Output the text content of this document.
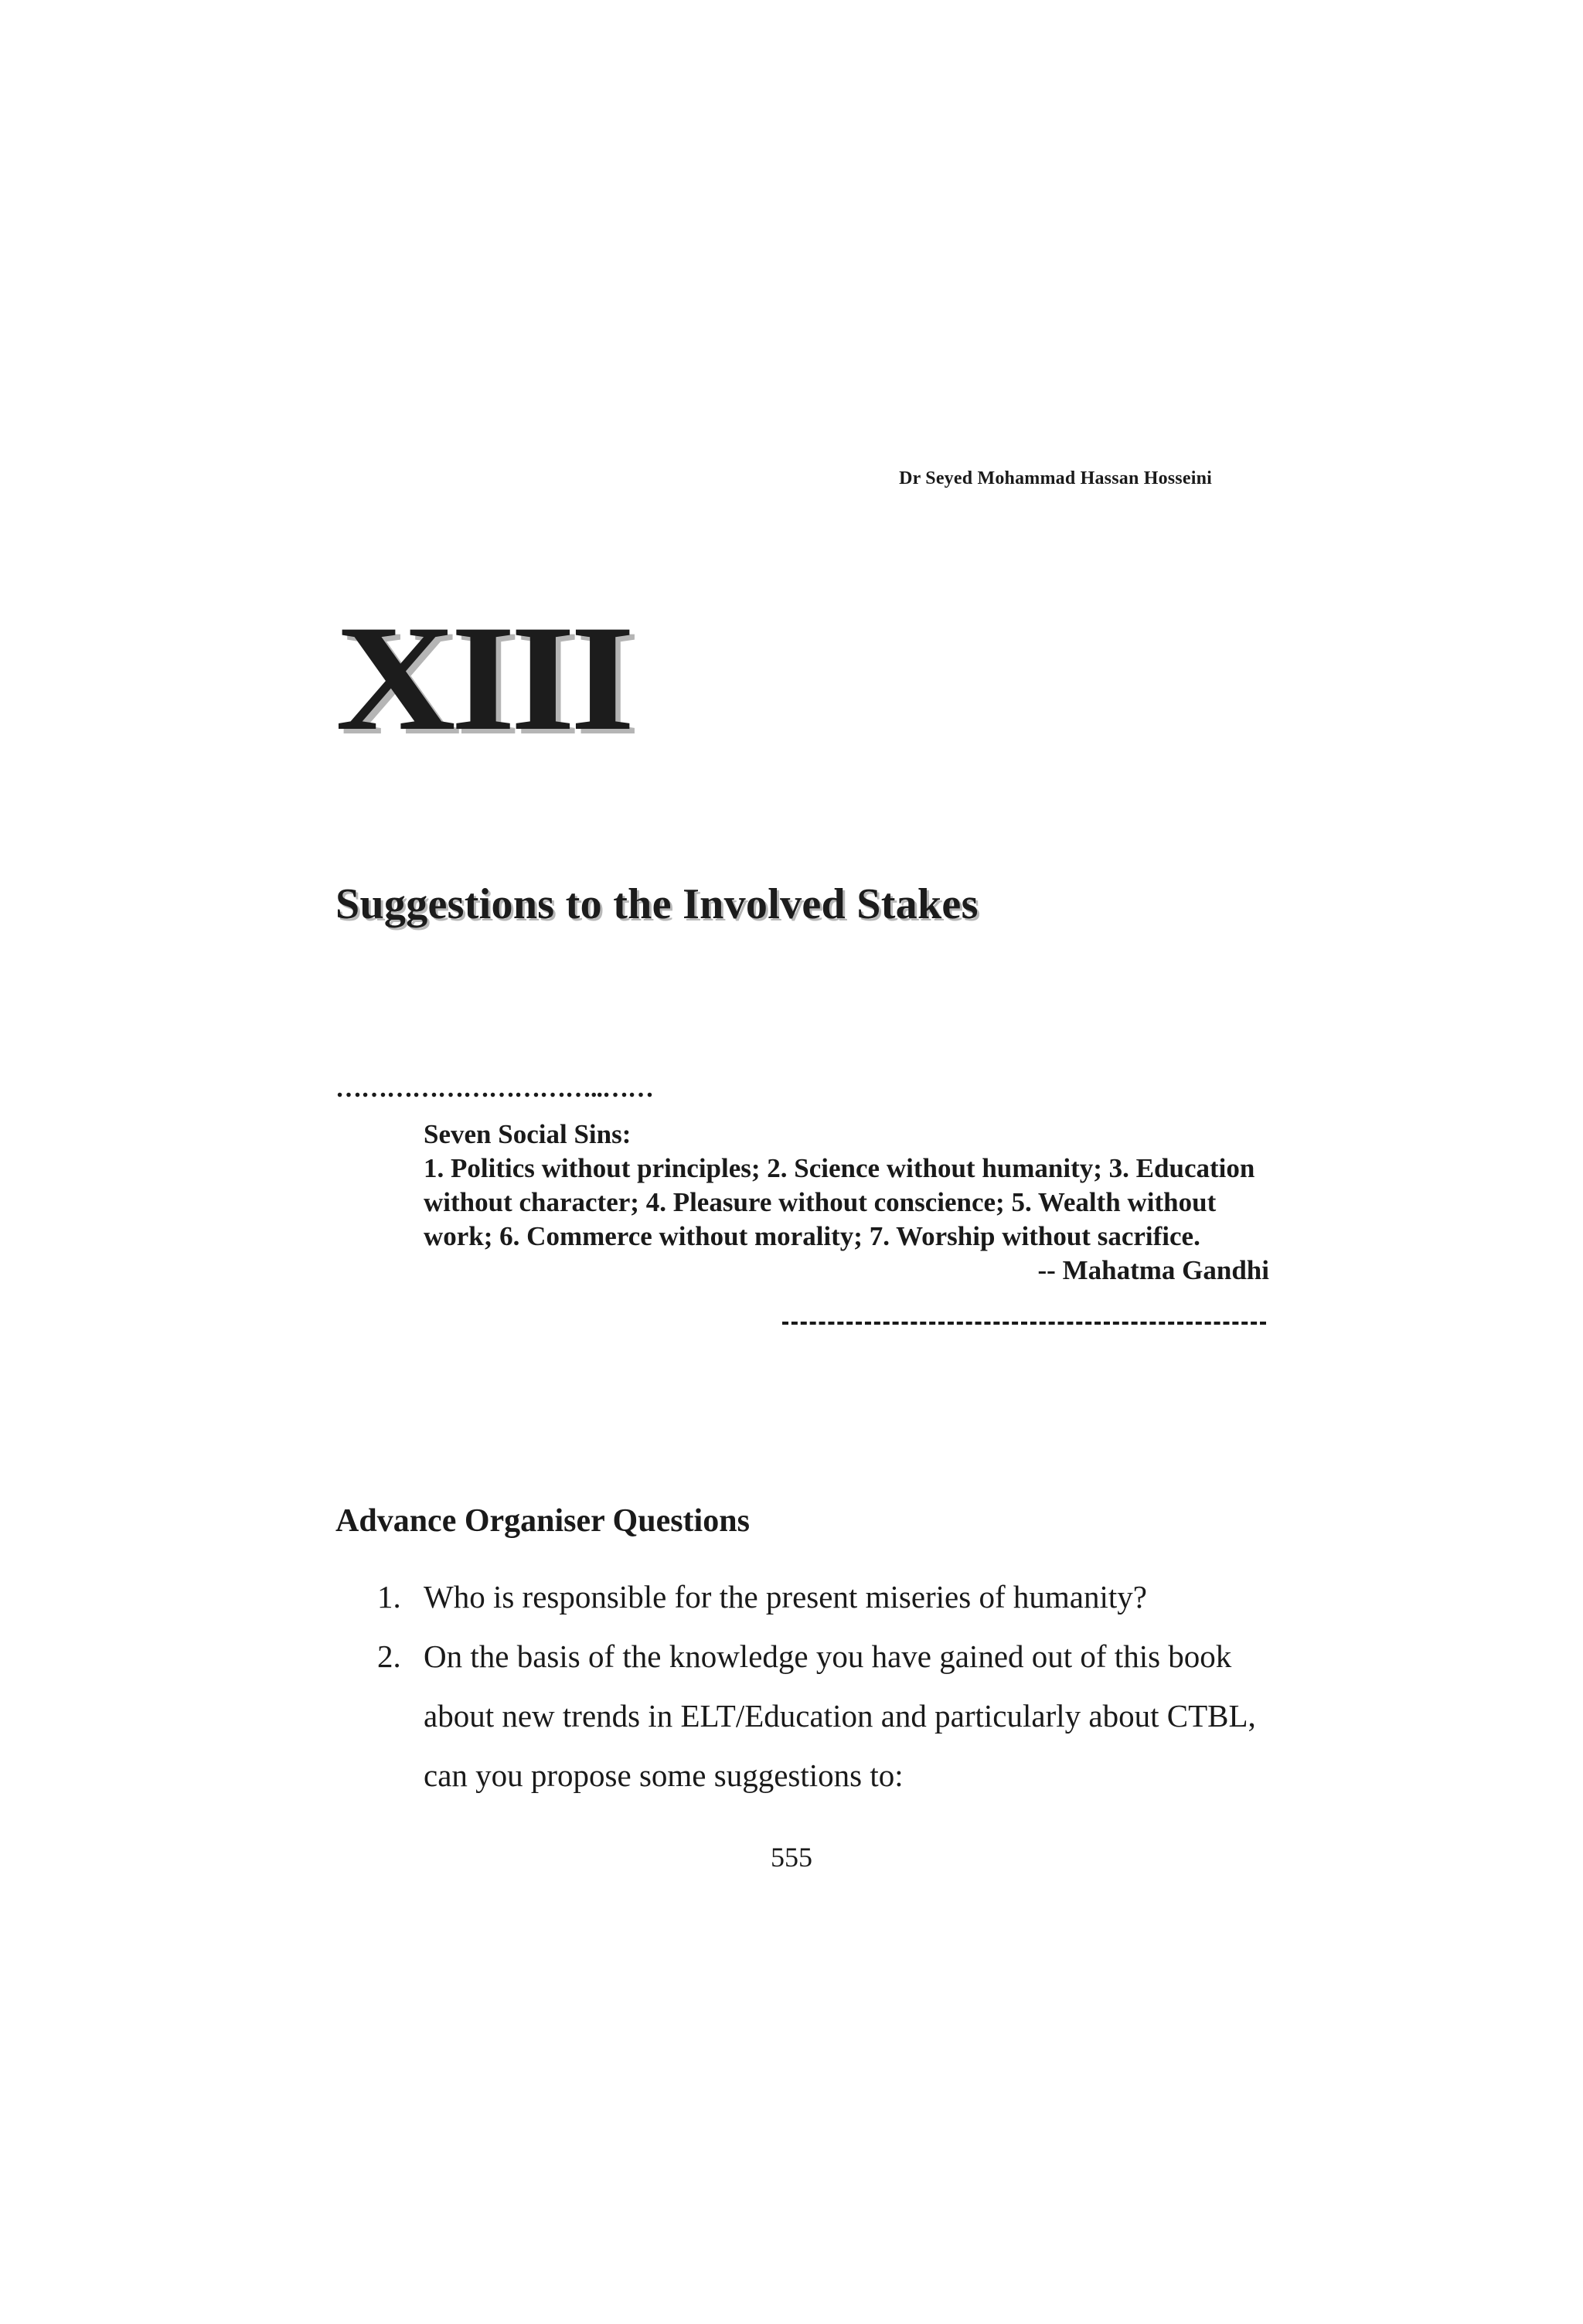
Dr Seyed Mohammad Hassan Hosseini
XIII
Suggestions to the Involved Stakes
…………………………..……
Seven Social Sins:
1. Politics without principles; 2. Science without humanity; 3. Education without character; 4. Pleasure without conscience; 5. Wealth without work; 6. Commerce without morality; 7. Worship without sacrifice.
-- Mahatma Gandhi
Advance Organiser Questions
1. Who is responsible for the present miseries of humanity?
2. On the basis of the knowledge you have gained out of this book about new trends in ELT/Education and particularly about CTBL, can you propose some suggestions to:
555
